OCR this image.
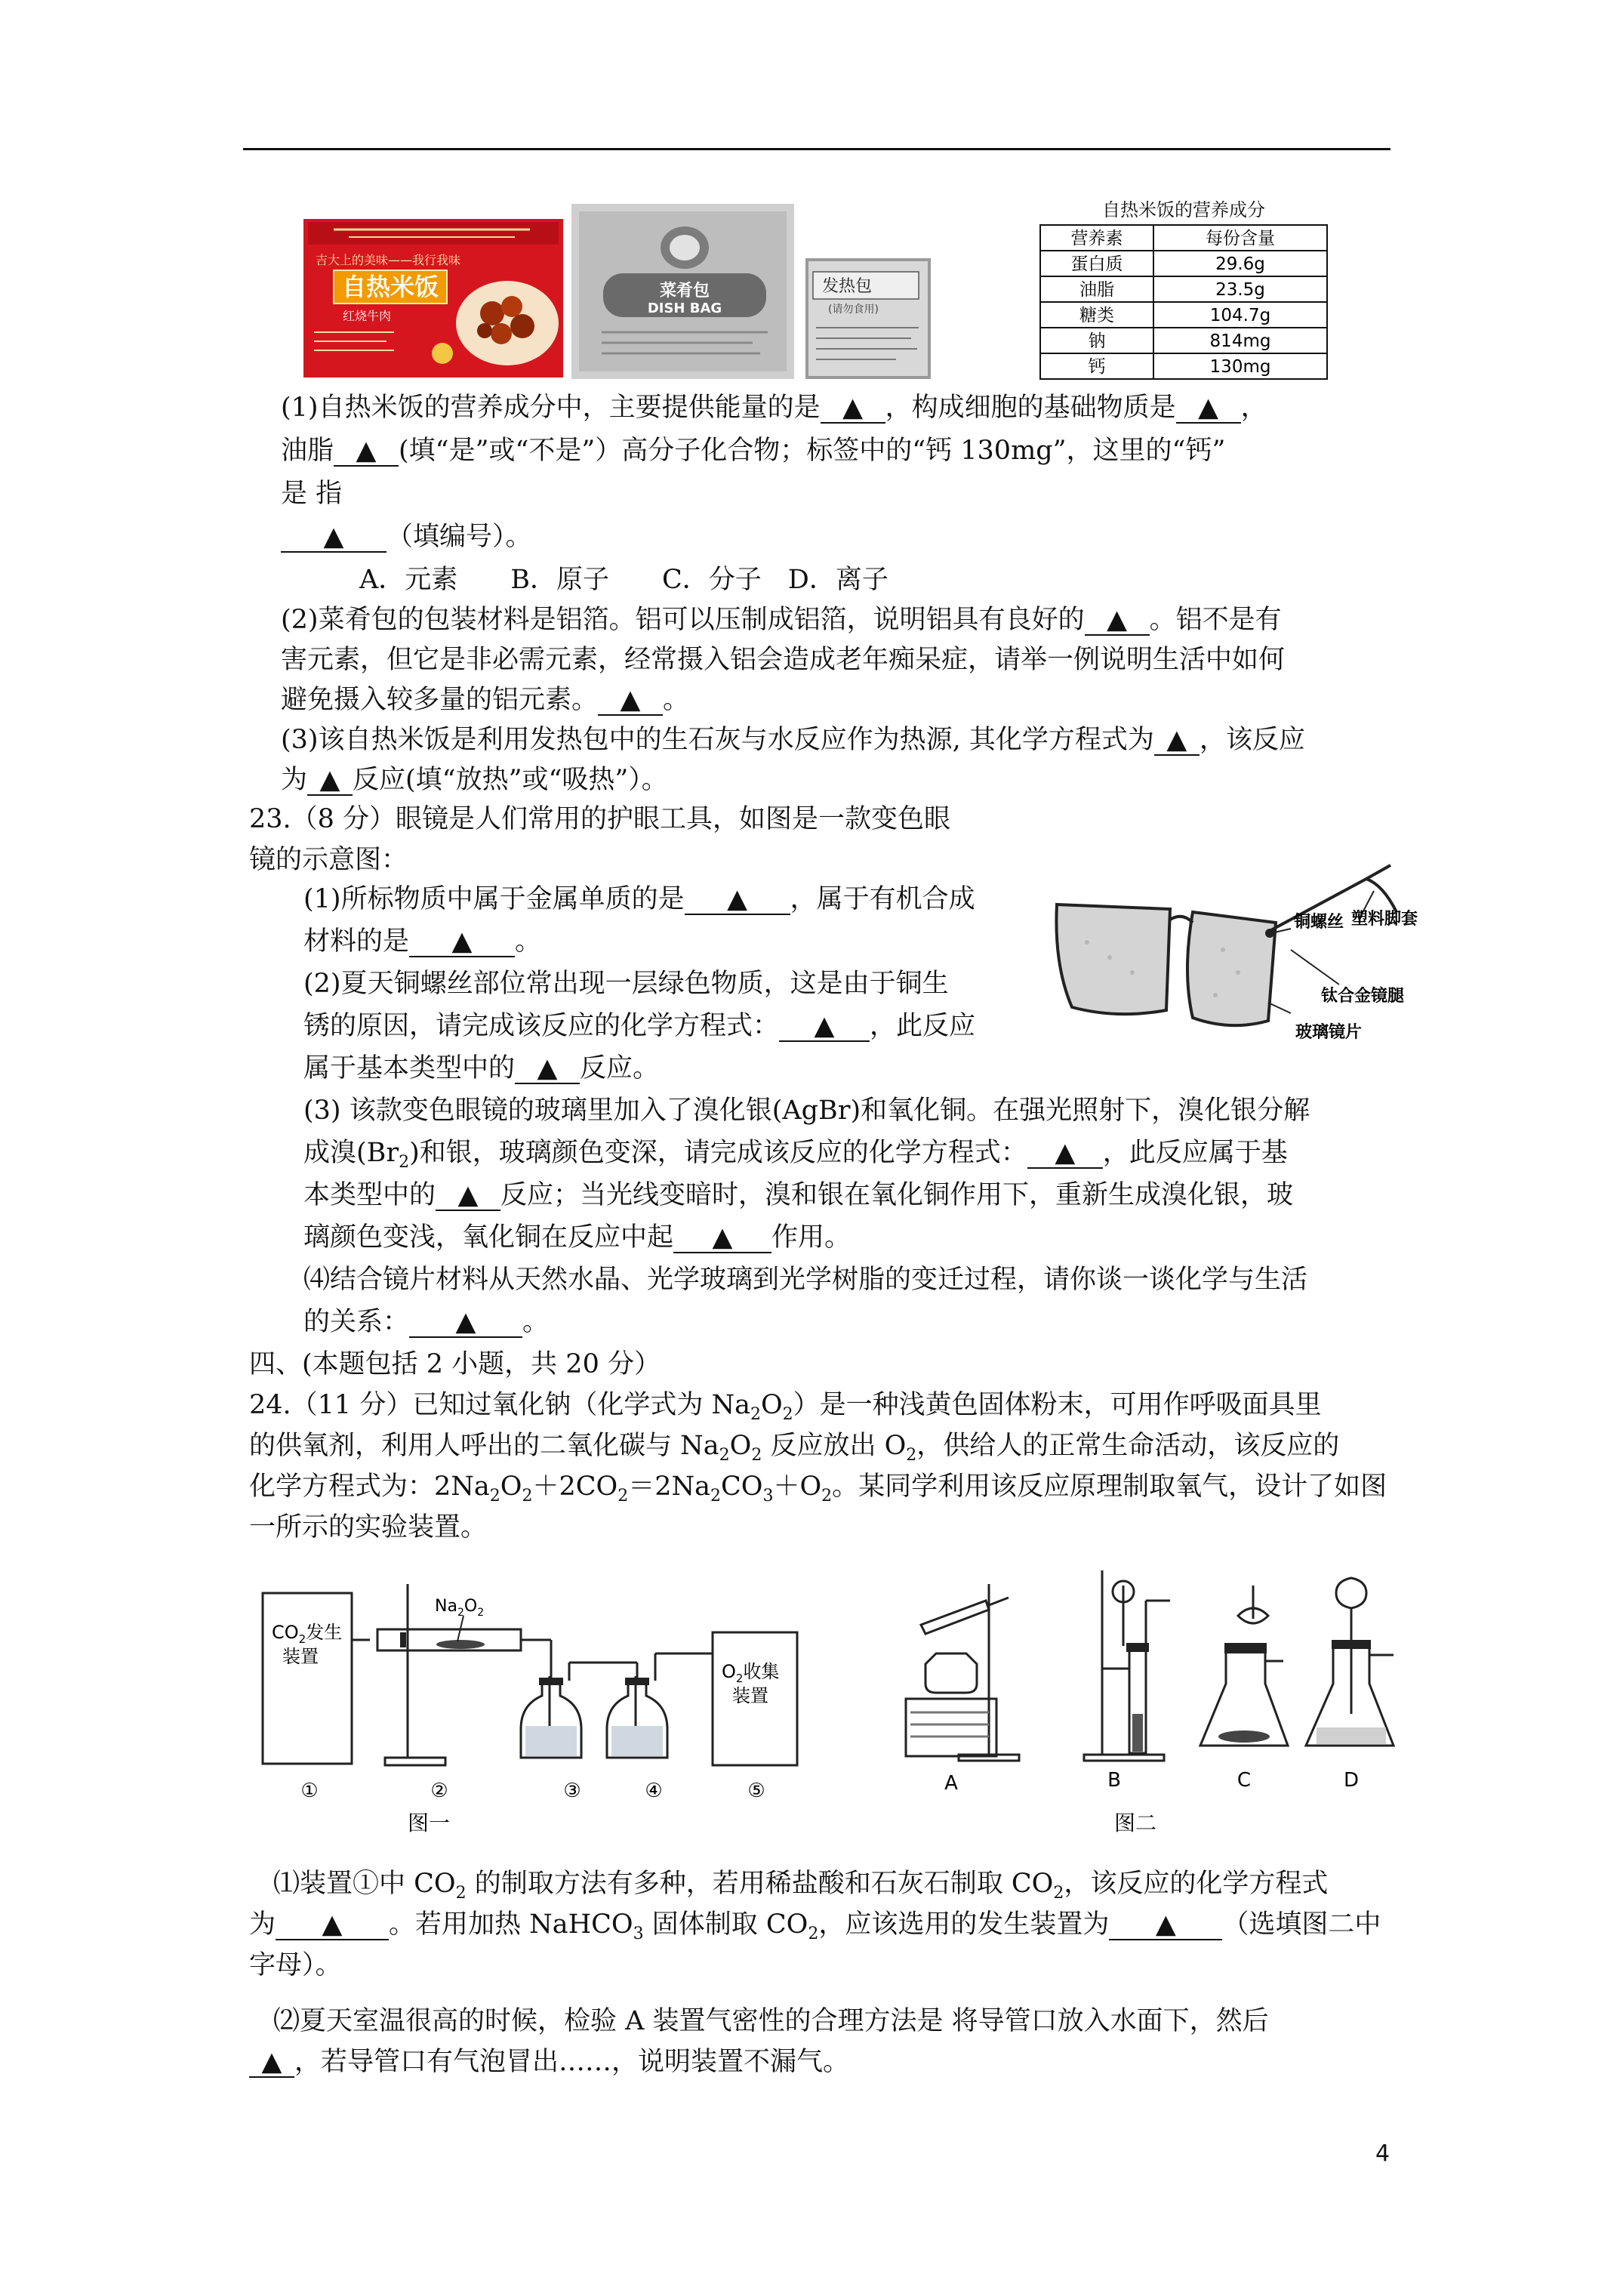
吉大上的美味——我行我味
自热米饭
红烧牛肉
菜肴包
DISH BAG
发热包
(请勿食用)
自热米饭的营养成分
营养素	每份含量
蛋白质	29.6g
油脂	23.5g
糖类	104.7g
钠	814mg
钙	130mg
(1)自热米饭的营养成分中，主要提供能量的是 ▲ ，构成细胞的基础物质是 ▲ ，
油脂 ▲ (填“是”或“不是”）高分子化合物；标签中的“钙 130mg”，这里的“钙”
是 指
▲ （填编号）。
A．元素　　B．原子　　C．分子　D．离子
(2)菜肴包的包装材料是铝箔。铝可以压制成铝箔，说明铝具有良好的 ▲ 。铝不是有
害元素，但它是非必需元素，经常摄入铝会造成老年痴呆症，请举一例说明生活中如何
避免摄入较多量的铝元素。 ▲ 。
(3)该自热米饭是利用发热包中的生石灰与水反应作为热源, 其化学方程式为 ▲ ，该反应
为 ▲ 反应(填“放热”或“吸热”）。
23.（8 分）眼镜是人们常用的护眼工具，如图是一款变色眼
镜的示意图：
(1)所标物质中属于金属单质的是 ▲ ，属于有机合成
材料的是 ▲ 。
(2)夏天铜螺丝部位常出现一层绿色物质，这是由于铜生
锈的原因，请完成该反应的化学方程式： ▲ ，此反应
属于基本类型中的 ▲ 反应。
铜螺丝 塑料脚套
钛合金镜腿
玻璃镜片
(3) 该款变色眼镜的玻璃里加入了溴化银(AgBr)和氧化铜。在强光照射下，溴化银分解
成溴$(Br_2)$和银，玻璃颜色变深，请完成该反应的化学方程式： ▲ ，此反应属于基
本类型中的 ▲ 反应；当光线变暗时，溴和银在氧化铜作用下，重新生成溴化银，玻
璃颜色变浅，氧化铜在反应中起 ▲ 作用。
⑷结合镜片材料从天然水晶、光学玻璃到光学树脂的变迁过程，请你谈一谈化学与生活
的关系： ▲ 。
四、(本题包括 2 小题，共 20 分）
24.（11 分）已知过氧化钠（化学式为 $Na_2O_2$）是一种浅黄色固体粉末，可用作呼吸面具里
的供氧剂，利用人呼出的二氧化碳与 $Na_2O_2$ 反应放出 $O_2$，供给人的正常生命活动，该反应的
化学方程式为：$2Na_2O_2+2CO_2=2Na_2CO_3+O_2$。某同学利用该反应原理制取氧气，设计了如图
一所示的实验装置。
$Na_2O_2$
$CO_2$发生
装置
$O_2$收集
装置
①	②	③	④	⑤
图一
A	B	C	D
图二
⑴装置①中 $CO_2$ 的制取方法有多种，若用稀盐酸和石灰石制取 $CO_2$，该反应的化学方程式
为 ▲ 。若用加热 NaHCO$_3$ 固体制取 $CO_2$，应该选用的发生装置为 ▲ （选填图二中
字母）。
⑵夏天室温很高的时候，检验 A 装置气密性的合理方法是 将导管口放入水面下，然后
▲ ，若导管口有气泡冒出……，说明装置不漏气。
4
